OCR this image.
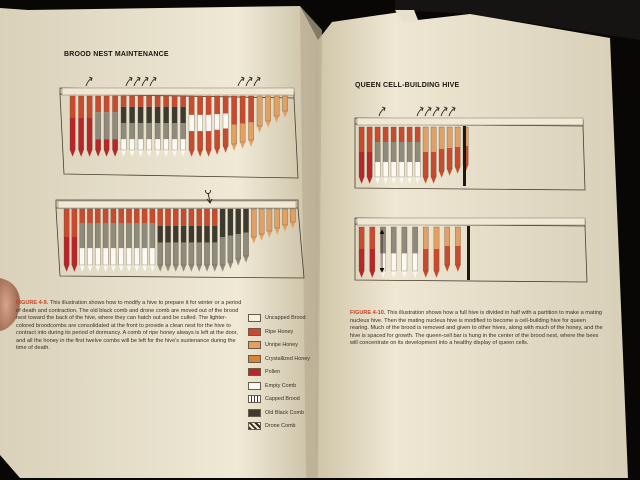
BROOD NEST MAINTENANCE
FIGURE 4-9. This illustration shows how to modify a hive to prepare it for winter or a period of death and contraction. The old black comb and drone comb are moved out of the brood nest toward the back of the hive, where they can hatch out and be culled. The lighter-colored broodcombs are consolidated at the front to provide a clean nest for the hive to contract into during its period of dormancy. A comb of ripe honey always is left at the door, and all the honey in the first twelve combs will be left for the hive's sustenance during the time of death.
Uncapped Brood
Ripe Honey
Unripe Honey
Crystallized Honey
Pollen
Empty Comb
Capped Brood
Old Black Comb
Drone Comb
QUEEN CELL-BUILDING HIVE
FIGURE 4-10. This illustration shows how a full hive is divided in half with a partition to make a mating nucleus hive. Then the mating nucleus hive is modified to become a cell-building hive for queen rearing. Much of the brood is removed and given to other hives, along with much of the honey, and the hive is spaced for growth. The queen-cell bar is hung in the center of the brood nest, where the bees will concentrate on its development into a healthy display of queen cells.
